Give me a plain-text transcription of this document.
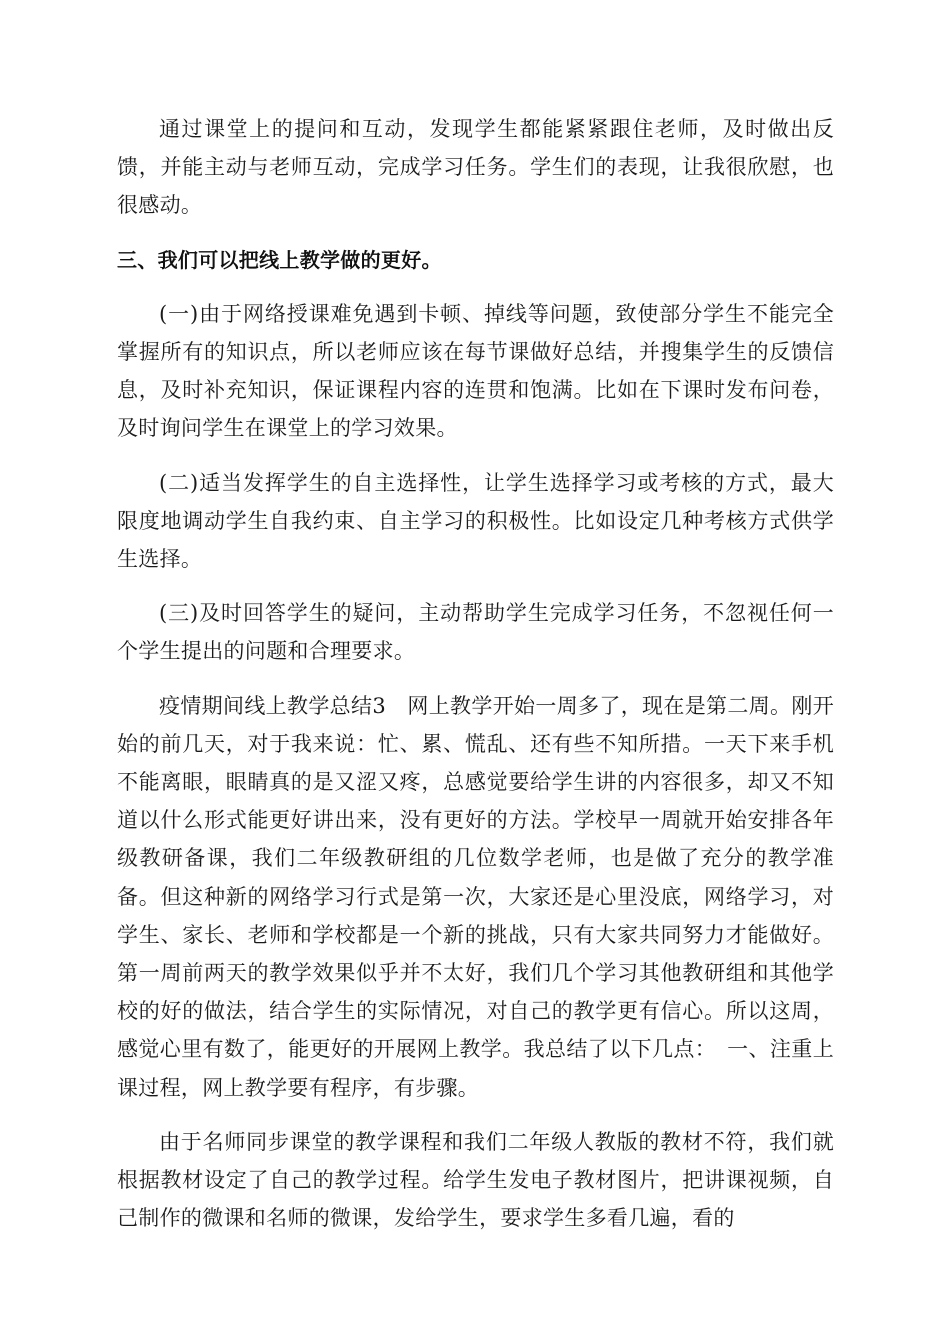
通过课堂上的提问和互动，发现学生都能紧紧跟住老师，及时做出反馈，并能主动与老师互动，完成学习任务。学生们的表现，让我很欣慰，也很感动。

三、我们可以把线上教学做的更好。

(一)由于网络授课难免遇到卡顿、掉线等问题，致使部分学生不能完全掌握所有的知识点，所以老师应该在每节课做好总结，并搜集学生的反馈信息，及时补充知识，保证课程内容的连贯和饱满。比如在下课时发布问卷，及时询问学生在课堂上的学习效果。

(二)适当发挥学生的自主选择性，让学生选择学习或考核的方式，最大限度地调动学生自我约束、自主学习的积极性。比如设定几种考核方式供学生选择。

(三)及时回答学生的疑问，主动帮助学生完成学习任务，不忽视任何一个学生提出的问题和合理要求。

疫情期间线上教学总结3　网上教学开始一周多了，现在是第二周。刚开始的前几天，对于我来说：忙、累、慌乱、还有些不知所措。一天下来手机不能离眼，眼睛真的是又涩又疼，总感觉要给学生讲的内容很多，却又不知道以什么形式能更好讲出来，没有更好的方法。学校早一周就开始安排各年级教研备课，我们二年级教研组的几位数学老师，也是做了充分的教学准备。但这种新的网络学习行式是第一次，大家还是心里没底，网络学习，对学生、家长、老师和学校都是一个新的挑战，只有大家共同努力才能做好。第一周前两天的教学效果似乎并不太好，我们几个学习其他教研组和其他学校的好的做法，结合学生的实际情况，对自己的教学更有信心。所以这周，感觉心里有数了，能更好的开展网上教学。我总结了以下几点：　一、注重上课过程，网上教学要有程序，有步骤。

由于名师同步课堂的教学课程和我们二年级人教版的教材不符，我们就根据教材设定了自己的教学过程。给学生发电子教材图片，把讲课视频，自己制作的微课和名师的微课，发给学生，要求学生多看几遍，看的
